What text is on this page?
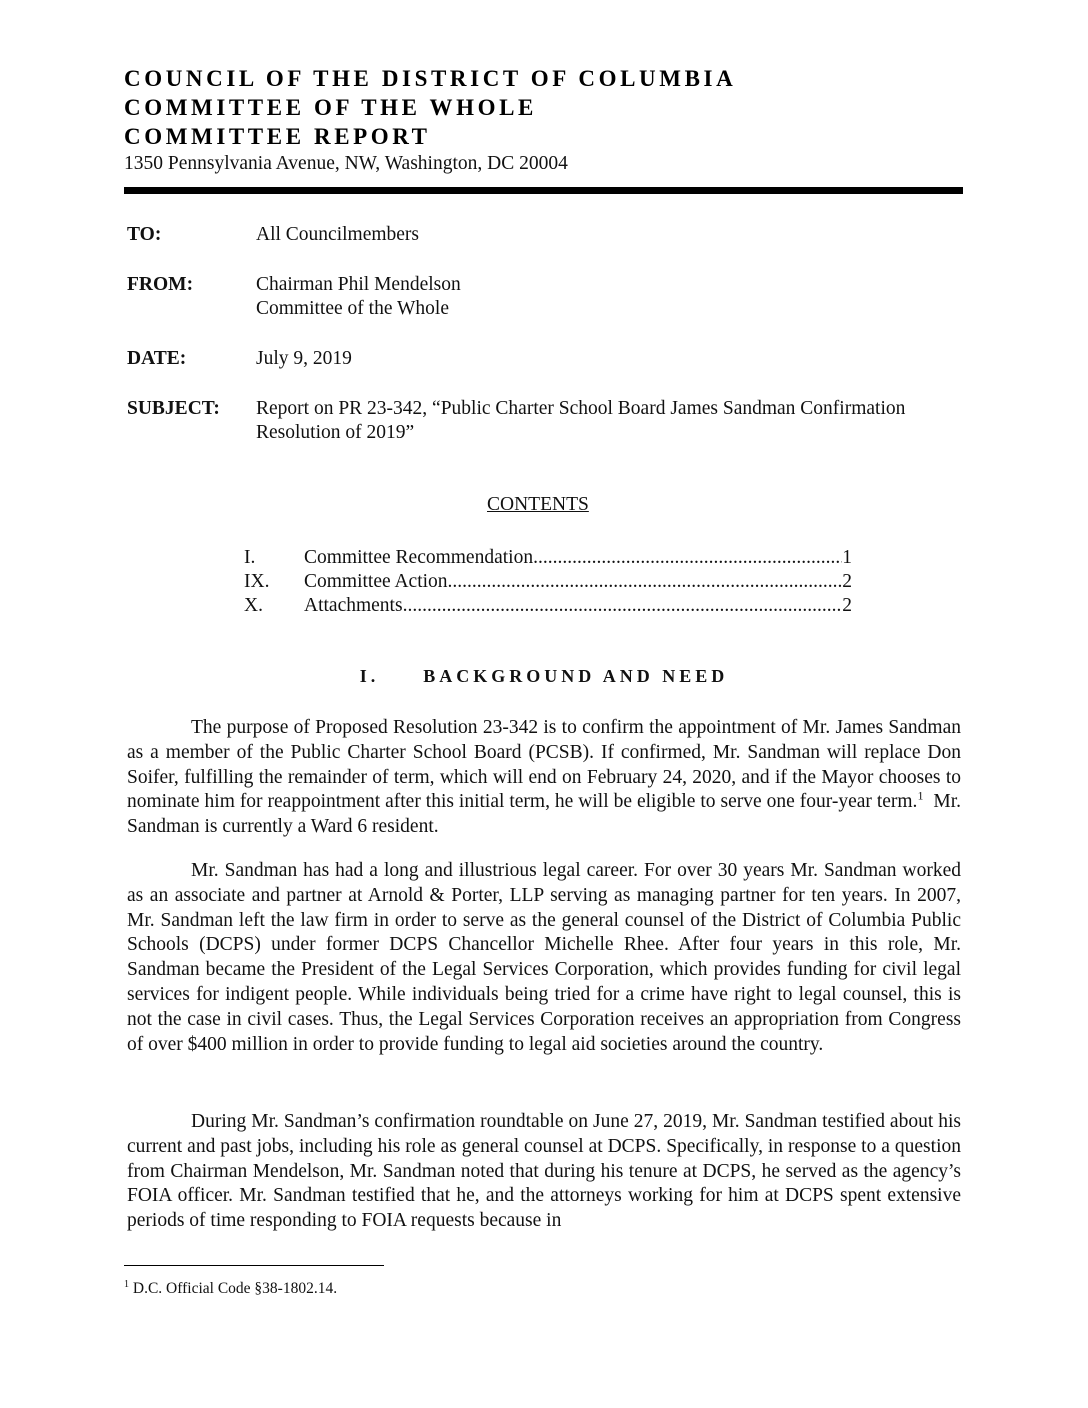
COUNCIL OF THE DISTRICT OF COLUMBIA
COMMITTEE OF THE WHOLE
COMMITTEE REPORT
1350 Pennsylvania Avenue, NW, Washington, DC 20004
TO:	All Councilmembers
FROM:	Chairman Phil Mendelson
Committee of the Whole
DATE:	July 9, 2019
SUBJECT: Report on PR 23-342, “Public Charter School Board James Sandman Confirmation
Resolution of 2019”
CONTENTS
I. Committee Recommendation .....	1
IX. Committee Action .....	2
X. Attachments .....	2
I. BACKGROUND AND NEED

The purpose of Proposed Resolution 23-342 is to confirm the appointment of Mr. James Sandman as a member of the Public Charter School Board (PCSB). If confirmed, Mr. Sandman will replace Don Soifer, fulfilling the remainder of term, which will end on February 24, 2020, and if the Mayor chooses to nominate him for reappointment after this initial term, he will be eligible to serve one four-year term.$^1$ Mr. Sandman is currently a Ward 6 resident.

Mr. Sandman has had a long and illustrious legal career. For over 30 years Mr. Sandman worked as an associate and partner at Arnold & Porter, LLP serving as managing partner for ten years. In 2007, Mr. Sandman left the law firm in order to serve as the general counsel of the District of Columbia Public Schools (DCPS) under former DCPS Chancellor Michelle Rhee. After four years in this role, Mr. Sandman became the President of the Legal Services Corporation, which provides funding for civil legal services for indigent people. While individuals being tried for a crime have right to legal counsel, this is not the case in civil cases. Thus, the Legal Services Corporation receives an appropriation from Congress of over $400 million in order to provide funding to legal aid societies around the country.

During Mr. Sandman’s confirmation roundtable on June 27, 2019, Mr. Sandman testified about his current and past jobs, including his role as general counsel at DCPS. Specifically, in response to a question from Chairman Mendelson, Mr. Sandman noted that during his tenure at DCPS, he served as the agency’s FOIA officer. Mr. Sandman testified that he, and the attorneys working for him at DCPS spent extensive periods of time responding to FOIA requests because in

$^1$ D.C. Official Code §38-1802.14.
